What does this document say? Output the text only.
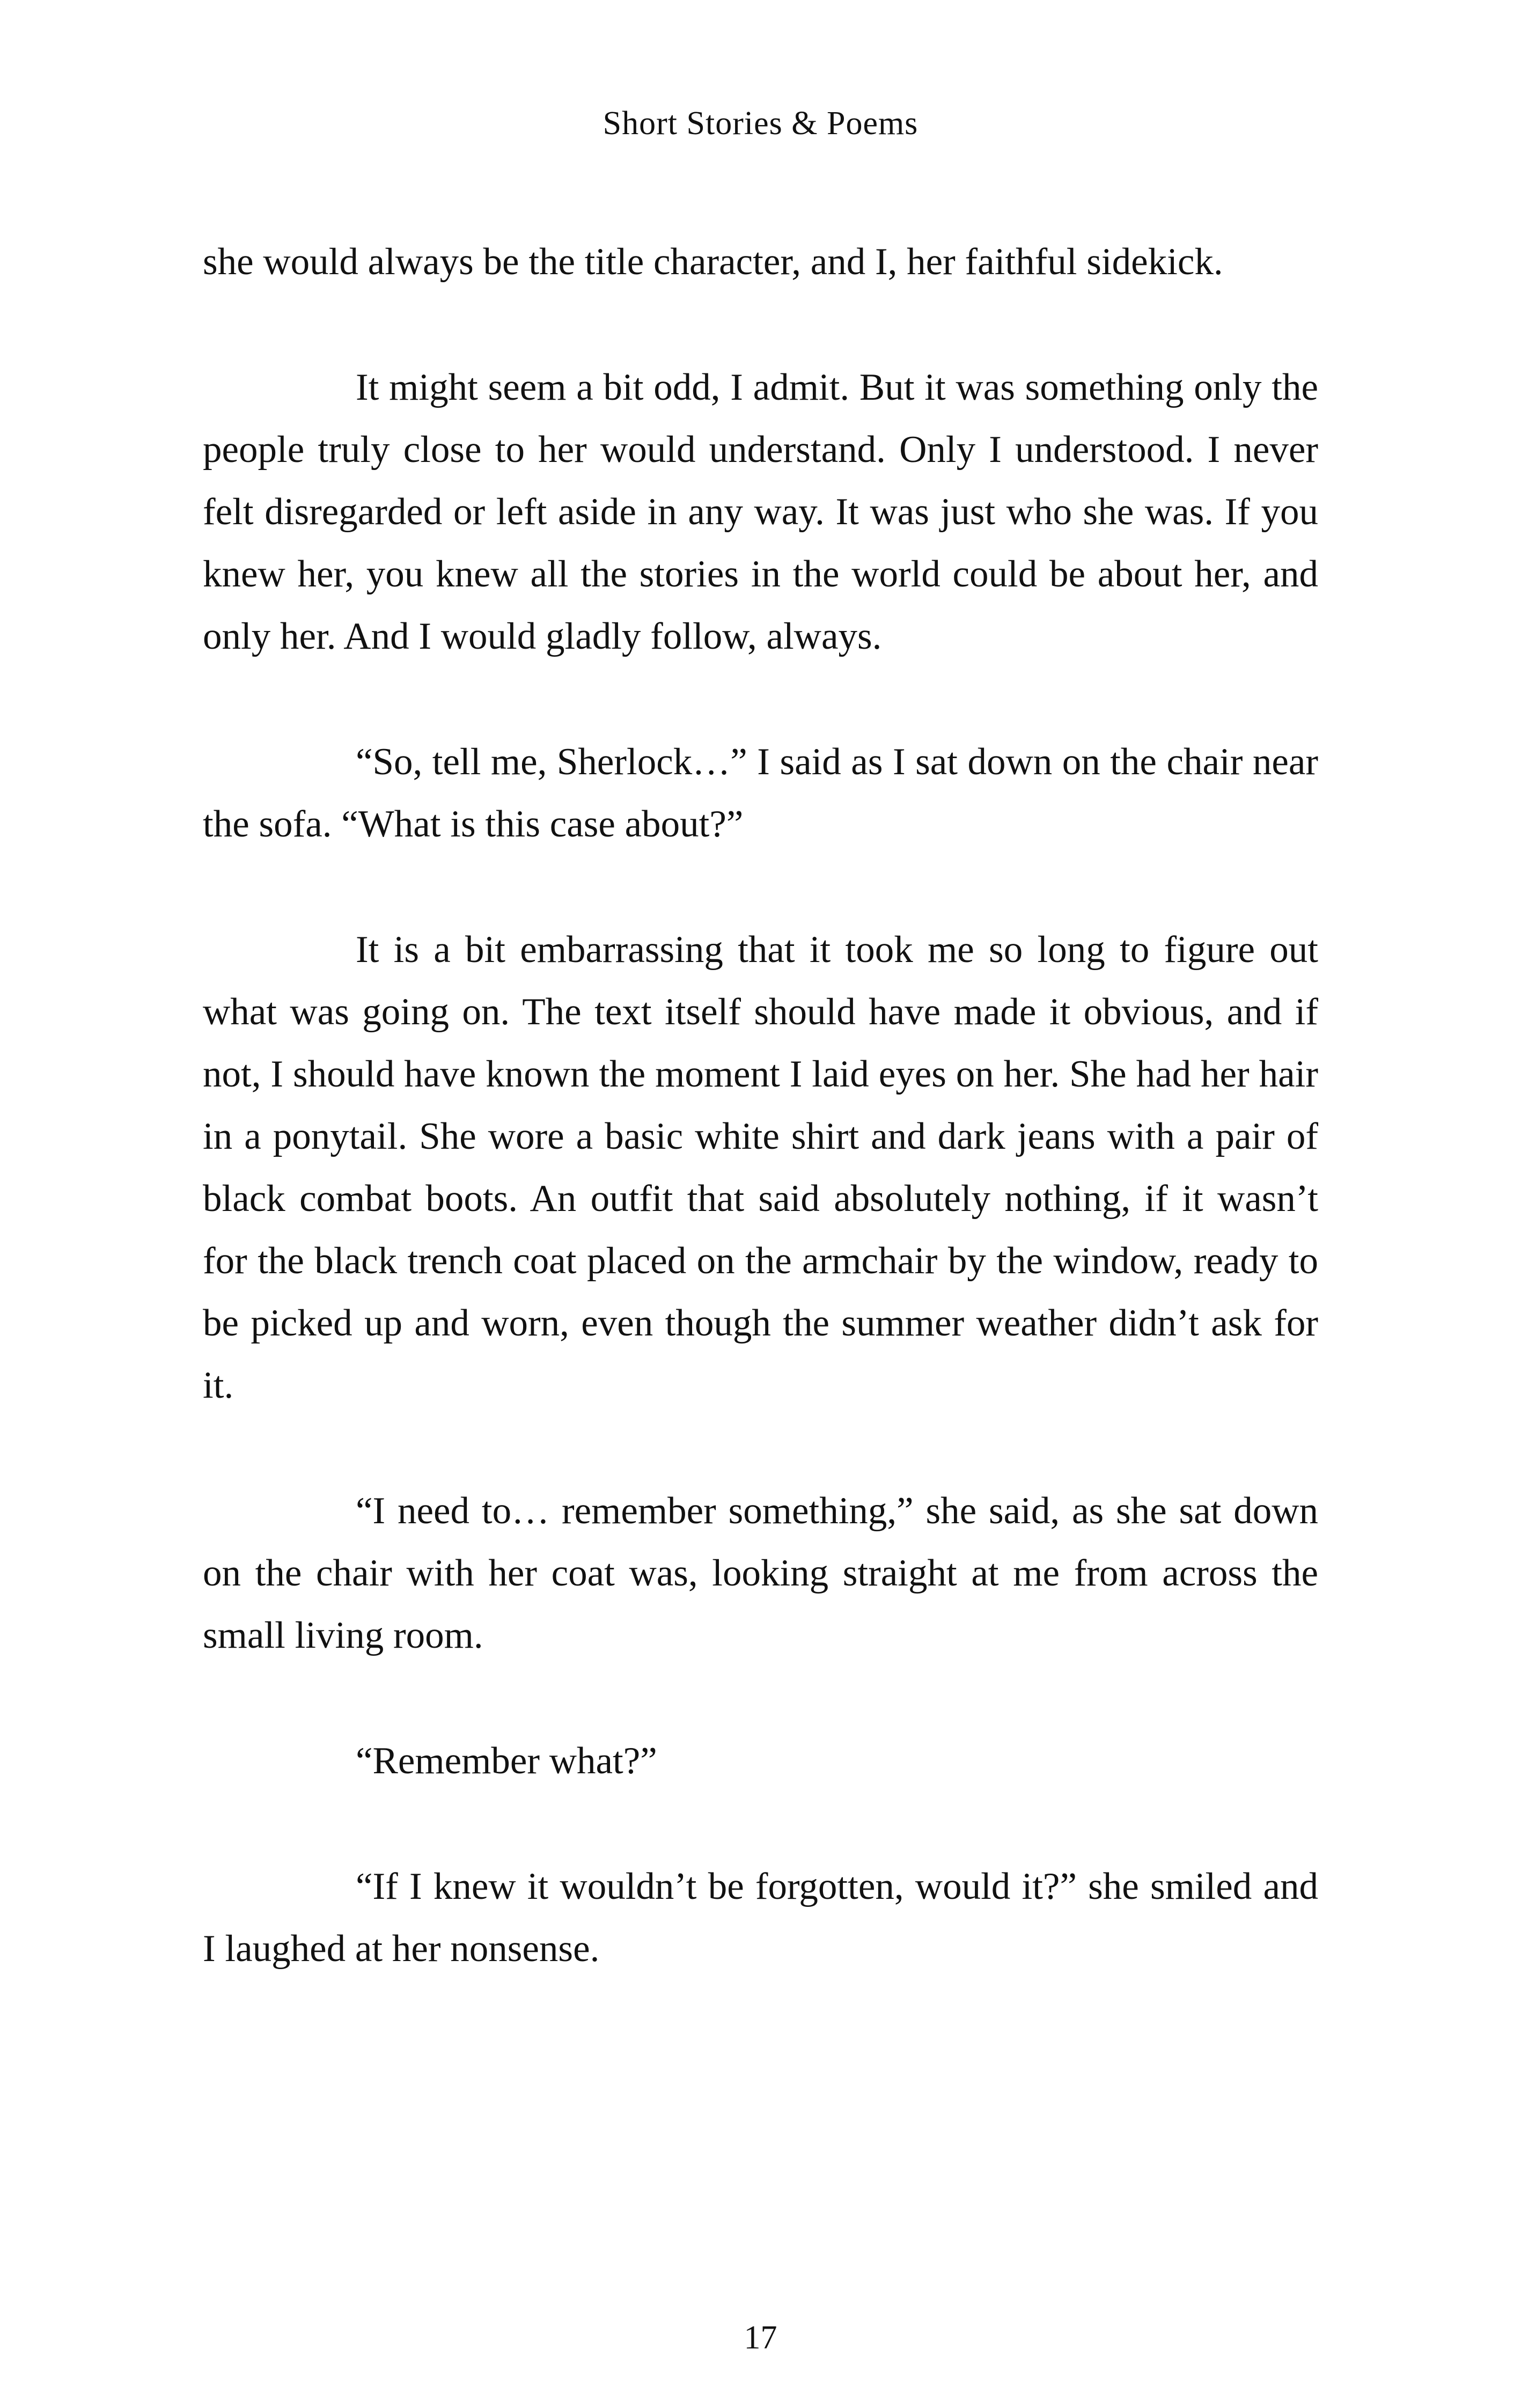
Short Stories & Poems

she would always be the title character, and I, her faithful sidekick.

It might seem a bit odd, I admit. But it was something only the people truly close to her would understand. Only I understood. I never felt disregarded or left aside in any way. It was just who she was. If you knew her, you knew all the stories in the world could be about her, and only her. And I would gladly follow, always.

“So, tell me, Sherlock…” I said as I sat down on the chair near the sofa. “What is this case about?”

It is a bit embarrassing that it took me so long to figure out what was going on. The text itself should have made it obvious, and if not, I should have known the moment I laid eyes on her. She had her hair in a ponytail. She wore a basic white shirt and dark jeans with a pair of black combat boots. An outfit that said absolutely nothing, if it wasn’t for the black trench coat placed on the armchair by the window, ready to be picked up and worn, even though the summer weather didn’t ask for it.

“I need to… remember something,” she said, as she sat down on the chair with her coat was, looking straight at me from across the small living room.

“Remember what?”

“If I knew it wouldn’t be forgotten, would it?” she smiled and I laughed at her nonsense.

17
